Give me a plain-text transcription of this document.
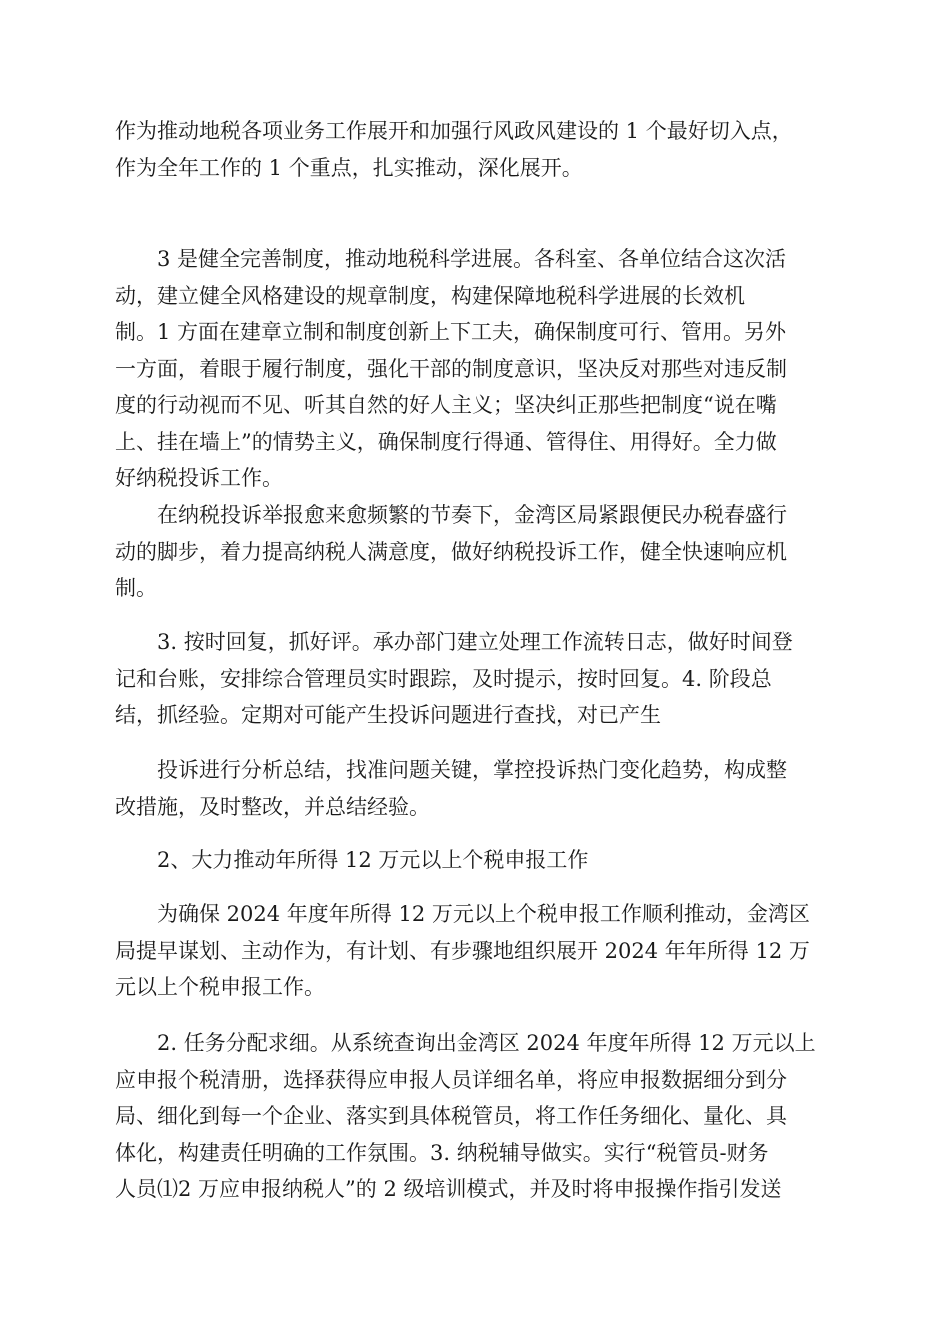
作为推动地税各项业务工作展开和加强行风政风建设的 1 个最好切入点，
作为全年工作的 1 个重点，扎实推动，深化展开。
　　3 是健全完善制度，推动地税科学进展。各科室、各单位结合这次活
动，建立健全风格建设的规章制度，构建保障地税科学进展的长效机
制。1 方面在建章立制和制度创新上下工夫，确保制度可行、管用。另外
一方面，着眼于履行制度，强化干部的制度意识，坚决反对那些对违反制
度的行动视而不见、听其自然的好人主义；坚决纠正那些把制度“说在嘴
上、挂在墙上”的情势主义，确保制度行得通、管得住、用得好。全力做
好纳税投诉工作。
　　在纳税投诉举报愈来愈频繁的节奏下，金湾区局紧跟便民办税春盛行
动的脚步，着力提高纳税人满意度，做好纳税投诉工作，健全快速响应机
制。
　　3. 按时回复，抓好评。承办部门建立处理工作流转日志，做好时间登
记和台账，安排综合管理员实时跟踪，及时提示，按时回复。4. 阶段总
结，抓经验。定期对可能产生投诉问题进行查找，对已产生
　　投诉进行分析总结，找准问题关键，掌控投诉热门变化趋势，构成整
改措施，及时整改，并总结经验。
　　2、大力推动年所得 12 万元以上个税申报工作
　　为确保 2024 年度年所得 12 万元以上个税申报工作顺利推动，金湾区
局提早谋划、主动作为，有计划、有步骤地组织展开 2024 年年所得 12 万
元以上个税申报工作。
　　2. 任务分配求细。从系统查询出金湾区 2024 年度年所得 12 万元以上
应申报个税清册，选择获得应申报人员详细名单，将应申报数据细分到分
局、细化到每一个企业、落实到具体税管员，将工作任务细化、量化、具
体化，构建责任明确的工作氛围。3. 纳税辅导做实。实行“税管员-财务
人员⑴2 万应申报纳税人”的 2 级培训模式，并及时将申报操作指引发送
